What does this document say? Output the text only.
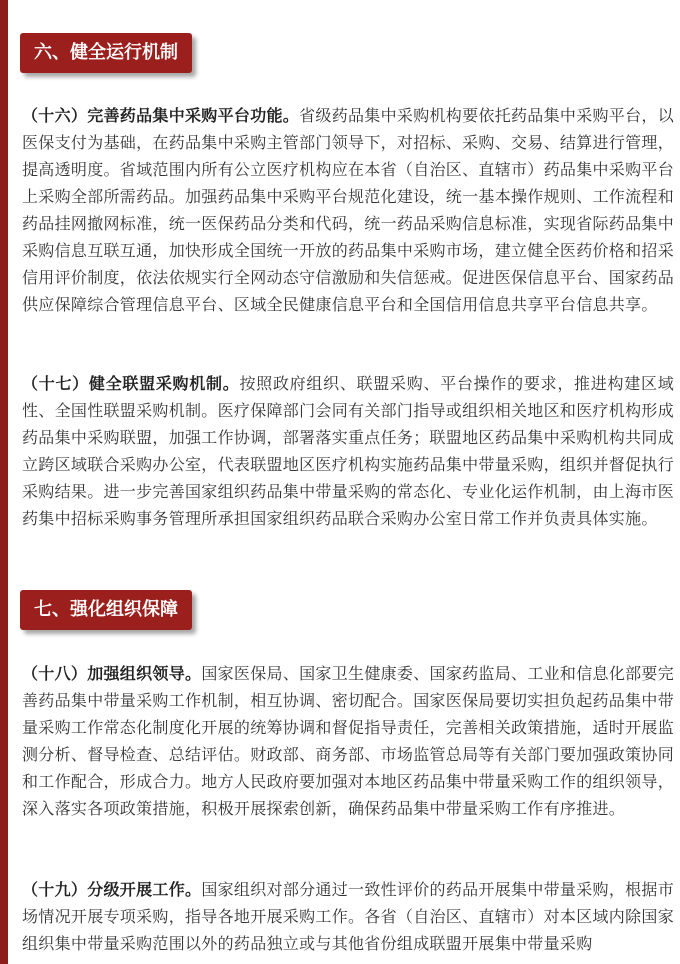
六、健全运行机制

（十六）完善药品集中采购平台功能。省级药品集中采购机构要依托药品集中采购平台，以医保支付为基础，在药品集中采购主管部门领导下，对招标、采购、交易、结算进行管理，提高透明度。省域范围内所有公立医疗机构应在本省（自治区、直辖市）药品集中采购平台上采购全部所需药品。加强药品集中采购平台规范化建设，统一基本操作规则、工作流程和药品挂网撤网标准，统一医保药品分类和代码，统一药品采购信息标准，实现省际药品集中采购信息互联互通，加快形成全国统一开放的药品集中采购市场，建立健全医药价格和招采信用评价制度，依法依规实行全网动态守信激励和失信惩戒。促进医保信息平台、国家药品供应保障综合管理信息平台、区域全民健康信息平台和全国信用信息共享平台信息共享。

（十七）健全联盟采购机制。按照政府组织、联盟采购、平台操作的要求，推进构建区域性、全国性联盟采购机制。医疗保障部门会同有关部门指导或组织相关地区和医疗机构形成药品集中采购联盟，加强工作协调，部署落实重点任务；联盟地区药品集中采购机构共同成立跨区域联合采购办公室，代表联盟地区医疗机构实施药品集中带量采购，组织并督促执行采购结果。进一步完善国家组织药品集中带量采购的常态化、专业化运作机制，由上海市医药集中招标采购事务管理所承担国家组织药品联合采购办公室日常工作并负责具体实施。

七、强化组织保障

（十八）加强组织领导。国家医保局、国家卫生健康委、国家药监局、工业和信息化部要完善药品集中带量采购工作机制，相互协调、密切配合。国家医保局要切实担负起药品集中带量采购工作常态化制度化开展的统筹协调和督促指导责任，完善相关政策措施，适时开展监测分析、督导检查、总结评估。财政部、商务部、市场监管总局等有关部门要加强政策协同和工作配合，形成合力。地方人民政府要加强对本地区药品集中带量采购工作的组织领导，深入落实各项政策措施，积极开展探索创新，确保药品集中带量采购工作有序推进。

（十九）分级开展工作。国家组织对部分通过一致性评价的药品开展集中带量采购，根据市场情况开展专项采购，指导各地开展采购工作。各省（自治区、直辖市）对本区域内除国家组织集中带量采购范围以外的药品独立或与其他省份组成联盟开展集中带量采购
